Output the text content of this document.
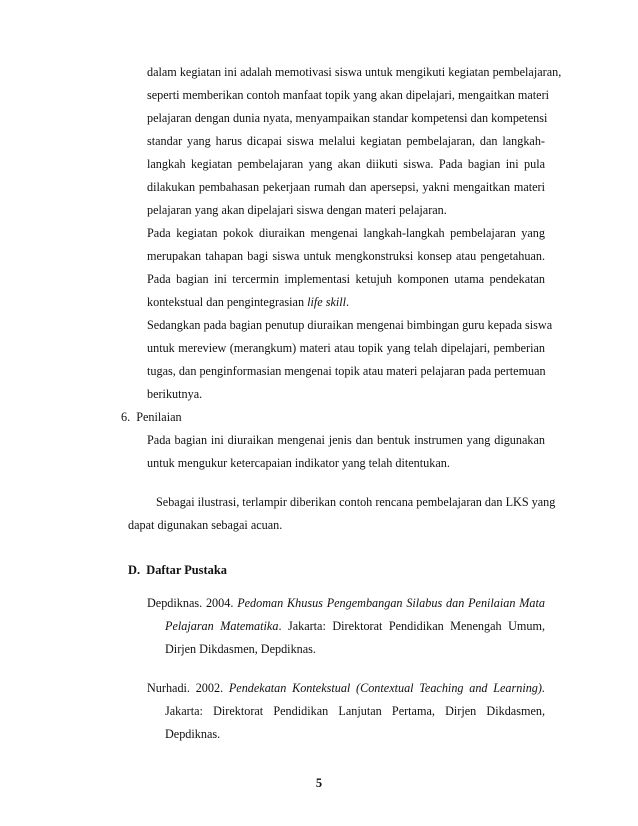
dalam kegiatan ini adalah memotivasi siswa untuk mengikuti kegiatan pembelajaran,
seperti memberikan contoh manfaat topik yang akan dipelajari, mengaitkan materi
pelajaran dengan dunia nyata, menyampaikan standar kompetensi dan kompetensi
standar yang harus dicapai siswa melalui kegiatan pembelajaran, dan langkah-
langkah kegiatan pembelajaran yang akan diikuti siswa. Pada bagian ini pula
dilakukan pembahasan pekerjaan rumah dan apersepsi, yakni mengaitkan materi
pelajaran yang akan dipelajari siswa dengan materi pelajaran.
Pada kegiatan pokok diuraikan mengenai langkah-langkah pembelajaran yang
merupakan tahapan bagi siswa untuk mengkonstruksi konsep atau pengetahuan.
Pada bagian ini tercermin implementasi ketujuh komponen utama pendekatan
kontekstual dan pengintegrasian life skill.
Sedangkan pada bagian penutup diuraikan mengenai bimbingan guru kepada siswa
untuk mereview (merangkum) materi atau topik yang telah dipelajari, pemberian
tugas, dan penginformasian mengenai topik atau materi pelajaran pada pertemuan
berikutnya.
6. Penilaian
Pada bagian ini diuraikan mengenai jenis dan bentuk instrumen yang digunakan
untuk mengukur ketercapaian indikator yang telah ditentukan.
Sebagai ilustrasi, terlampir diberikan contoh rencana pembelajaran dan LKS yang
dapat digunakan sebagai acuan.
D. Daftar Pustaka
Depdiknas. 2004. Pedoman Khusus Pengembangan Silabus dan Penilaian Mata
Pelajaran Matematika. Jakarta: Direktorat Pendidikan Menengah Umum,
Dirjen Dikdasmen, Depdiknas.
Nurhadi. 2002. Pendekatan Kontekstual (Contextual Teaching and Learning).
Jakarta: Direktorat Pendidikan Lanjutan Pertama, Dirjen Dikdasmen,
Depdiknas.
5
